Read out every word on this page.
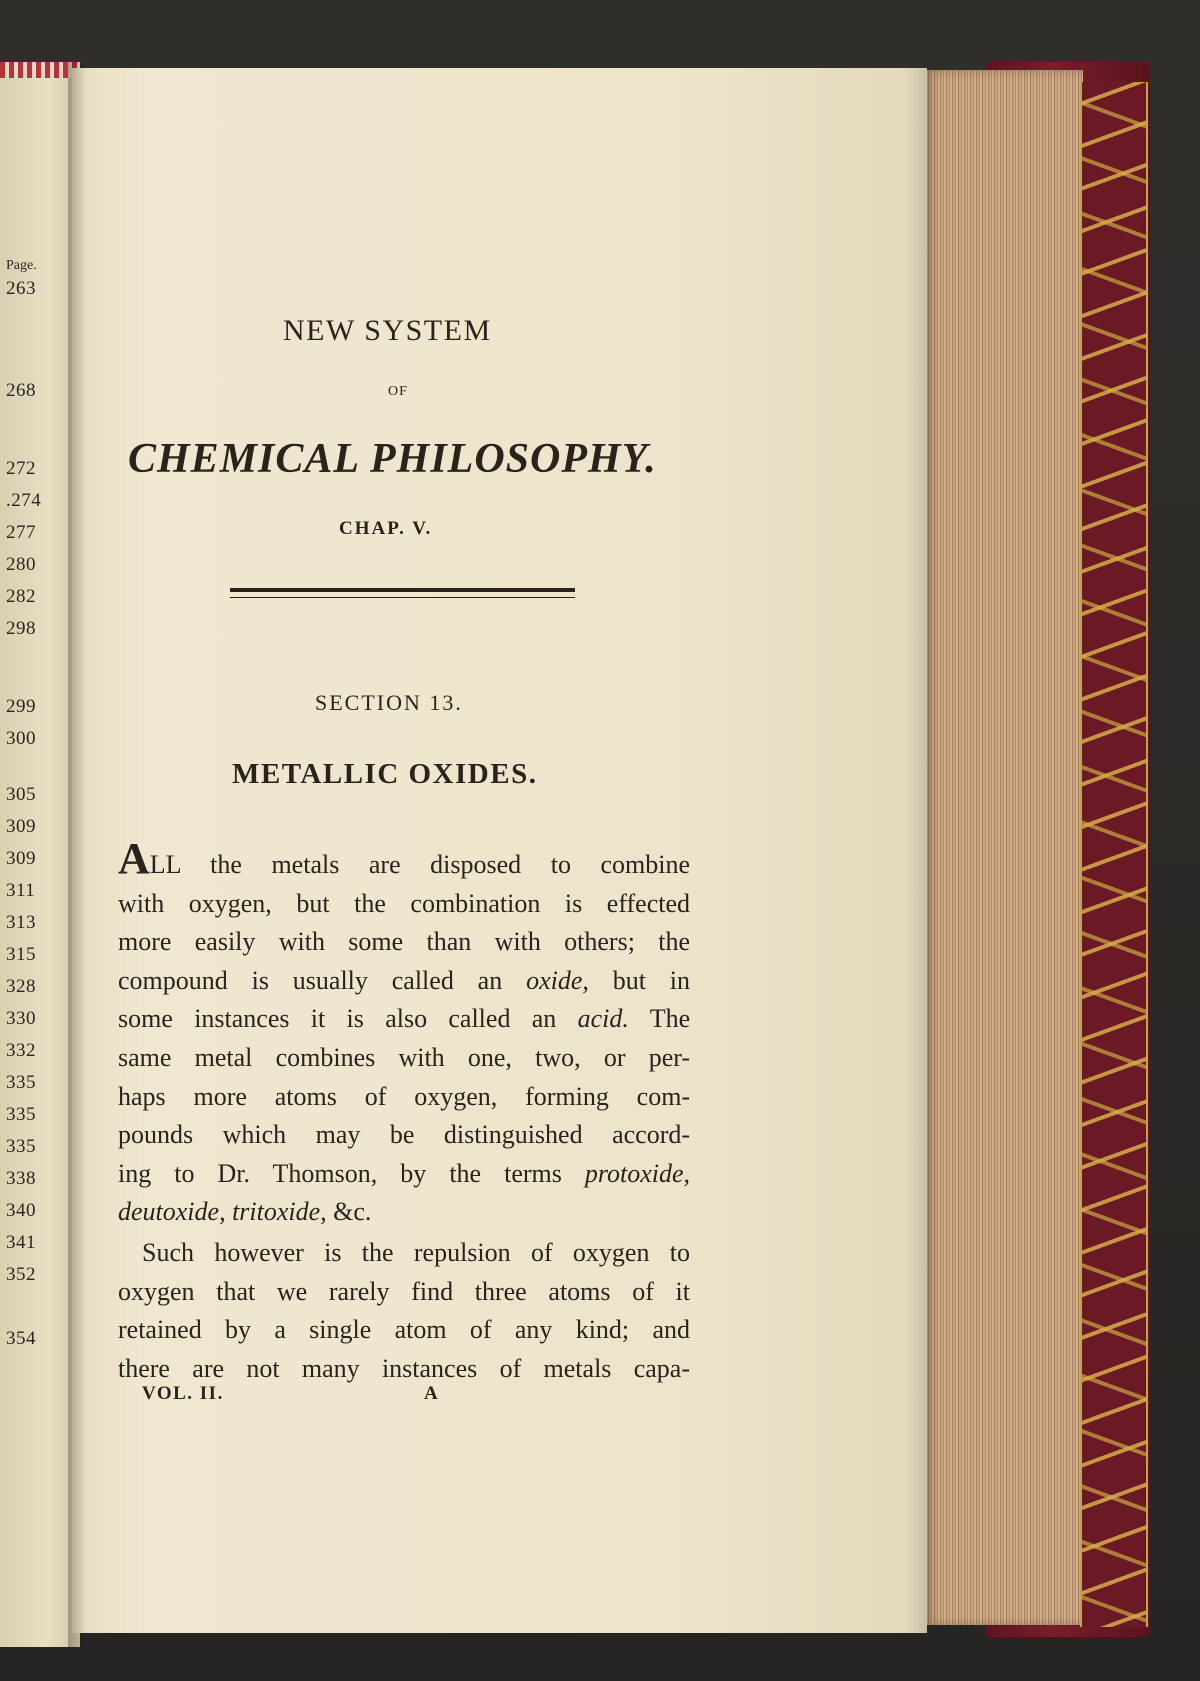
Page.
263
268
272
.274
277
280
282
298
299
300
305
309
309
311
313
315
328
330
332
335
335
335
338
340
341
352
354
NEW SYSTEM
OF
CHEMICAL PHILOSOPHY.
CHAP. V.
SECTION 13.
METALLIC OXIDES.
ALL the metals are disposed to combine
with oxygen, but the combination is effected
more easily with some than with others; the
compound is usually called an oxide, but in
some instances it is also called an acid. The
same metal combines with one, two, or per-
haps more atoms of oxygen, forming com-
pounds which may be distinguished accord-
ing to Dr. Thomson, by the terms protoxide,
deutoxide, tritoxide, &c.
Such however is the repulsion of oxygen to
oxygen that we rarely find three atoms of it
retained by a single atom of any kind; and
there are not many instances of metals capa-
VOL. II.	A
